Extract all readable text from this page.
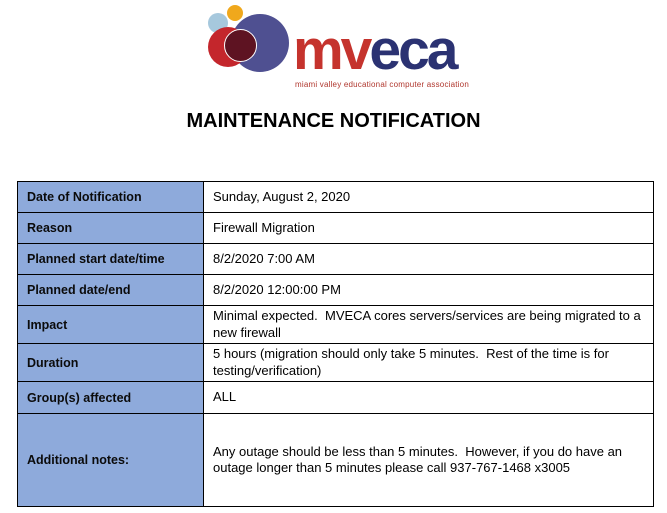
mveca
miami valley educational computer association
MAINTENANCE NOTIFICATION
Date of Notification	Sunday, August 2, 2020
Reason	Firewall Migration
Planned start date/time	8/2/2020 7:00 AM
Planned date/end	8/2/2020 12:00:00 PM
Impact	Minimal expected.  MVECA cores servers/services are being migrated to a new firewall
Duration	5 hours (migration should only take 5 minutes.  Rest of the time is for testing/verification)
Group(s) affected	ALL
Additional notes:	Any outage should be less than 5 minutes.  However, if you do have an outage longer than 5 minutes please call 937-767-1468 x3005
